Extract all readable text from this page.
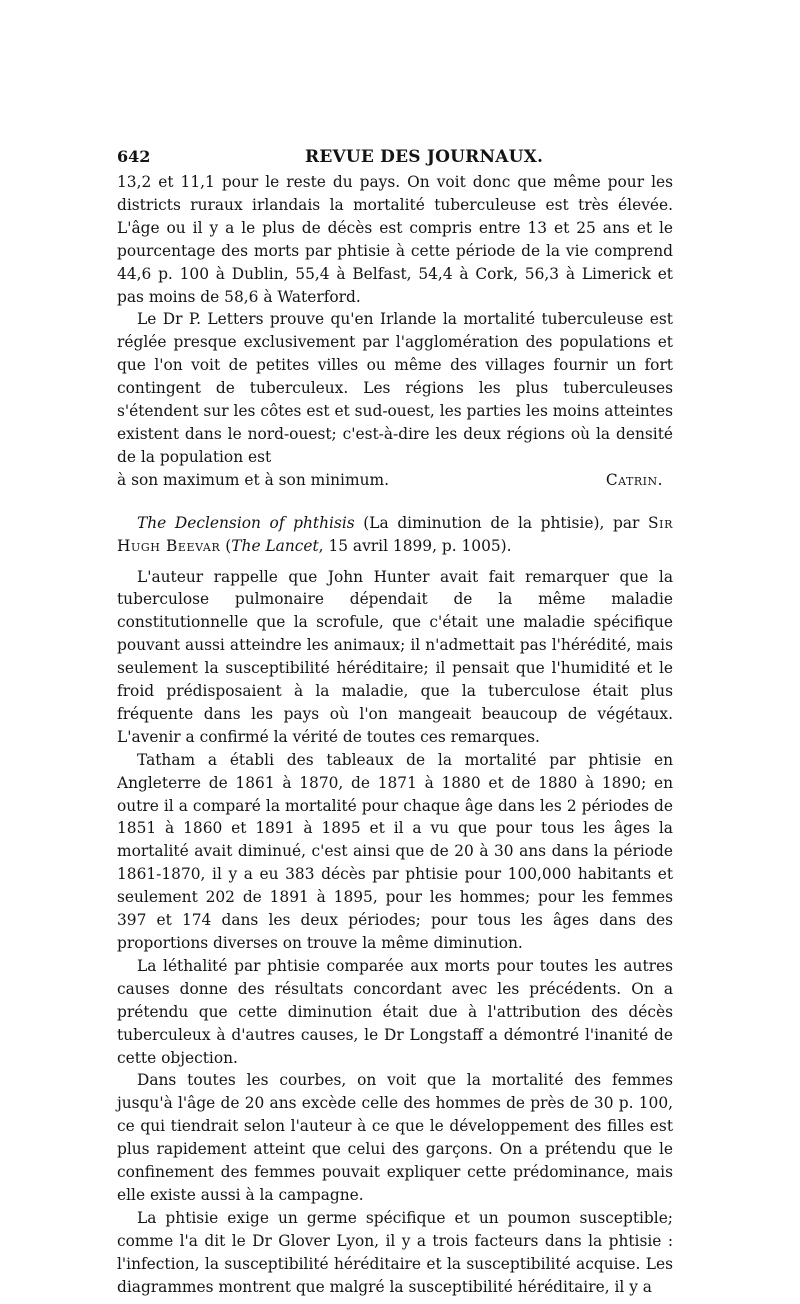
642	REVUE DES JOURNAUX.

13,2 et 11,1 pour le reste du pays. On voit donc que même pour les districts ruraux irlandais la mortalité tuberculeuse est très élevée. L'âge ou il y a le plus de décès est compris entre 13 et 25 ans et le pourcentage des morts par phtisie à cette période de la vie comprend 44,6 p. 100 à Dublin, 55,4 à Belfast, 54,4 à Cork, 56,3 à Limerick et pas moins de 58,6 à Waterford.

Le Dr P. Letters prouve qu'en Irlande la mortalité tuberculeuse est réglée presque exclusivement par l'agglomération des populations et que l'on voit de petites villes ou même des villages fournir un fort contingent de tuberculeux. Les régions les plus tuberculeuses s'étendent sur les côtes est et sud-ouest, les parties les moins atteintes existent dans le nord-ouest; c'est-à-dire les deux régions où la densité de la population est

à son maximum et à son minimum.	Catrin.

The Declension of phthisis (La diminution de la phtisie), par Sir Hugh Beevar (The Lancet, 15 avril 1899, p. 1005).

L'auteur rappelle que John Hunter avait fait remarquer que la tuberculose pulmonaire dépendait de la même maladie constitutionnelle que la scrofule, que c'était une maladie spécifique pouvant aussi atteindre les animaux; il n'admettait pas l'hérédité, mais seulement la susceptibilité héréditaire; il pensait que l'humidité et le froid prédisposaient à la maladie, que la tuberculose était plus fréquente dans les pays où l'on mangeait beaucoup de végétaux. L'avenir a confirmé la vérité de toutes ces remarques.

Tatham a établi des tableaux de la mortalité par phtisie en Angleterre de 1861 à 1870, de 1871 à 1880 et de 1880 à 1890; en outre il a comparé la mortalité pour chaque âge dans les 2 périodes de 1851 à 1860 et 1891 à 1895 et il a vu que pour tous les âges la mortalité avait diminué, c'est ainsi que de 20 à 30 ans dans la période 1861-1870, il y a eu 383 décès par phtisie pour 100,000 habitants et seulement 202 de 1891 à 1895, pour les hommes; pour les femmes 397 et 174 dans les deux périodes; pour tous les âges dans des proportions diverses on trouve la même diminution.

La léthalité par phtisie comparée aux morts pour toutes les autres causes donne des résultats concordant avec les précédents. On a prétendu que cette diminution était due à l'attribution des décès tuberculeux à d'autres causes, le Dr Longstaff a démontré l'inanité de cette objection.

Dans toutes les courbes, on voit que la mortalité des femmes jusqu'à l'âge de 20 ans excède celle des hommes de près de 30 p. 100, ce qui tiendrait selon l'auteur à ce que le développement des filles est plus rapidement atteint que celui des garçons. On a prétendu que le confinement des femmes pouvait expliquer cette prédominance, mais elle existe aussi à la campagne.

La phtisie exige un germe spécifique et un poumon susceptible; comme l'a dit le Dr Glover Lyon, il y a trois facteurs dans la phtisie : l'infection, la susceptibilité héréditaire et la susceptibilité acquise. Les diagrammes montrent que malgré la susceptibilité héréditaire, il y a
